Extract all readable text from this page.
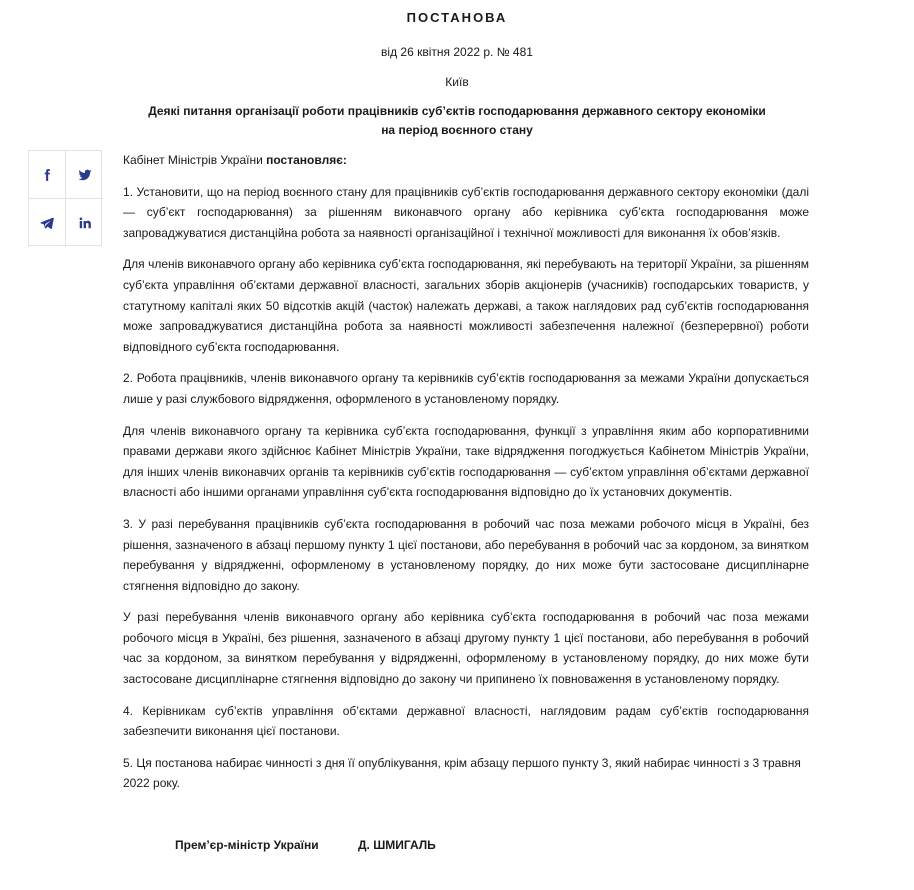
ПОСТАНОВА
від 26 квітня 2022 р. № 481
Київ
Деякі питання організації роботи працівників суб’єктів господарювання державного сектору економіки
на період воєнного стану

Кабінет Міністрів України постановляє:

1. Установити, що на період воєнного стану для працівників суб’єктів господарювання державного сектору економіки (далі — суб’єкт господарювання) за рішенням виконавчого органу або керівника суб’єкта господарювання може запроваджуватися дистанційна робота за наявності організаційної і технічної можливості для виконання їх обов’язків.

Для членів виконавчого органу або керівника суб’єкта господарювання, які перебувають на території України, за рішенням суб’єкта управління об’єктами державної власності, загальних зборів акціонерів (учасників) господарських товариств, у статутному капіталі яких 50 відсотків акцій (часток) належать державі, а також наглядових рад суб’єктів господарювання може запроваджуватися дистанційна робота за наявності можливості забезпечення належної (безперервної) роботи відповідного суб’єкта господарювання.

2. Робота працівників, членів виконавчого органу та керівників суб’єктів господарювання за межами України допускається лише у разі службового відрядження, оформленого в установленому порядку.

Для членів виконавчого органу та керівника суб’єкта господарювання, функції з управління яким або корпоративними правами держави якого здійснює Кабінет Міністрів України, таке відрядження погоджується Кабінетом Міністрів України, для інших членів виконавчих органів та керівників суб’єктів господарювання — суб’єктом управління об’єктами державної власності або іншими органами управління суб’єкта господарювання відповідно до їх установчих документів.

3. У разі перебування працівників суб’єкта господарювання в робочий час поза межами робочого місця в Україні, без рішення, зазначеного в абзаці першому пункту 1 цієї постанови, або перебування в робочий час за кордоном, за винятком перебування у відрядженні, оформленому в установленому порядку, до них може бути застосоване дисциплінарне стягнення відповідно до закону.

У разі перебування членів виконавчого органу або керівника суб’єкта господарювання в робочий час поза межами робочого місця в Україні, без рішення, зазначеного в абзаці другому пункту 1 цієї постанови, або перебування в робочий час за кордоном, за винятком перебування у відрядженні, оформленому в установленому порядку, до них може бути застосоване дисциплінарне стягнення відповідно до закону чи припинено їх повноваження в установленому порядку.

4. Керівникам суб’єктів управління об’єктами державної власності, наглядовим радам суб’єктів господарювання забезпечити виконання цієї постанови.

5. Ця постанова набирає чинності з дня її опублікування, крім абзацу першого пункту 3, який набирає чинності з 3 травня 2022 року.

Прем’єр-міністр України	Д. ШМИГАЛЬ
